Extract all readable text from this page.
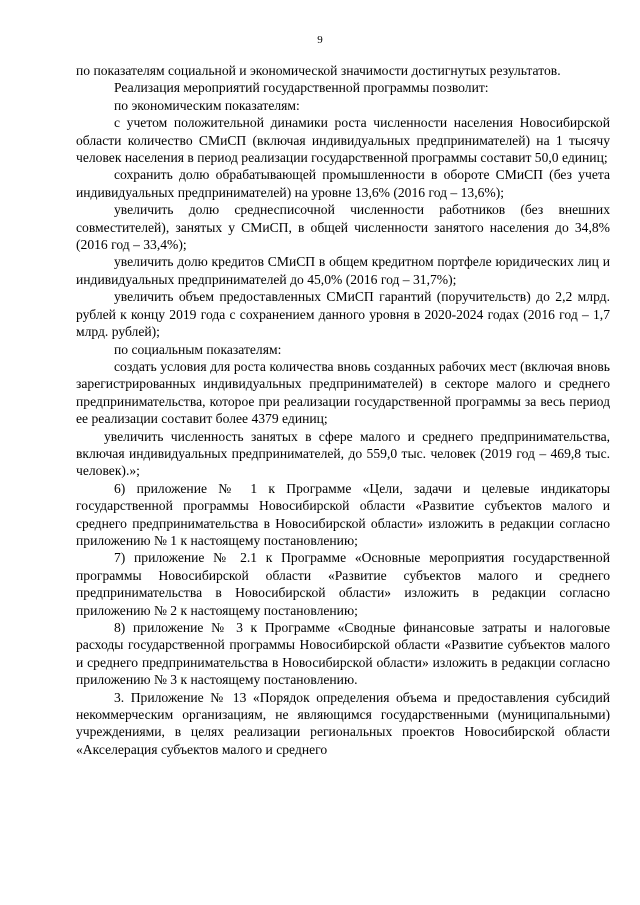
9

по показателям социальной и экономической значимости достигнутых результатов.

Реализация мероприятий государственной программы позволит:

по экономическим показателям:

с учетом положительной динамики роста численности населения Новосибирской области количество СМиСП (включая индивидуальных предпринимателей) на 1 тысячу человек населения в период реализации государственной программы составит 50,0 единиц;

сохранить долю обрабатывающей промышленности в обороте СМиСП (без учета индивидуальных предпринимателей) на уровне 13,6% (2016 год – 13,6%);

увеличить долю среднесписочной численности работников (без внешних совместителей), занятых у СМиСП, в общей численности занятого населения до 34,8% (2016 год – 33,4%);

увеличить долю кредитов СМиСП в общем кредитном портфеле юридических лиц и индивидуальных предпринимателей до 45,0% (2016 год – 31,7%);

увеличить объем предоставленных СМиСП гарантий (поручительств) до 2,2 млрд. рублей к концу 2019 года с сохранением данного уровня в 2020-2024 годах (2016 год – 1,7 млрд. рублей);

по социальным показателям:

создать условия для роста количества вновь созданных рабочих мест (включая вновь зарегистрированных индивидуальных предпринимателей) в секторе малого и среднего предпринимательства, которое при реализации государственной программы за весь период ее реализации составит более 4379 единиц;

увеличить численность занятых в сфере малого и среднего предпринимательства, включая индивидуальных предпринимателей, до 559,0 тыс. человек (2019 год – 469,8 тыс. человек).»;

6) приложение № 1 к Программе «Цели, задачи и целевые индикаторы государственной программы Новосибирской области «Развитие субъектов малого и среднего предпринимательства в Новосибирской области» изложить в редакции согласно приложению № 1 к настоящему постановлению;

7) приложение № 2.1 к Программе «Основные мероприятия государственной программы Новосибирской области «Развитие субъектов малого и среднего предпринимательства в Новосибирской области» изложить в редакции согласно приложению № 2 к настоящему постановлению;

8) приложение № 3 к Программе «Сводные финансовые затраты и налоговые расходы государственной программы Новосибирской области «Развитие субъектов малого и среднего предпринимательства в Новосибирской области» изложить в редакции согласно приложению № 3 к настоящему постановлению.

3. Приложение № 13 «Порядок определения объема и предоставления субсидий некоммерческим организациям, не являющимся государственными (муниципальными) учреждениями, в целях реализации региональных проектов Новосибирской области «Акселерация субъектов малого и среднего
